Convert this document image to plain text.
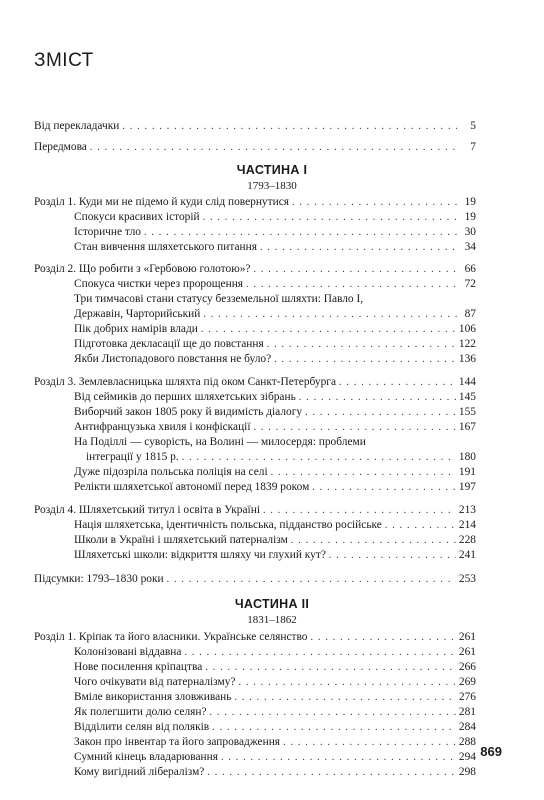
ЗМІСТ
Від перекладачки . . .	5
Передмова . . .	7
ЧАСТИНА І
1793–1830
Розділ 1. Куди ми не підемо й куди слід повернутися . . .	19
Спокуси красивих історій . . .	19
Історичне тло . . .	30
Стан вивчення шляхетського питання . . .	34
Розділ 2. Що робити з «Гербовою голотою»? . . .	66
Спокуса чистки через пророщення . . .	72
Три тимчасові стани статусу безземельної шляхти: Павло І,
Державін, Чарторийський . . .	87
Пік добрих намірів влади . . .	106
Підготовка декласації ще до повстання . . .	122
Якби Листопадового повстання не було? . . .	136
Розділ 3. Землевласницька шляхта під оком Санкт-Петербурга . . .	144
Від сеймиків до перших шляхетських зібрань . . .	145
Виборчий закон 1805 року й видимість діалогу . . .	155
Антифранцузька хвиля і конфіскації . . .	167
На Поділлі — суворість, на Волині — милосердя: проблеми
інтеграції у 1815 р. . . .	180
Дуже підозріла польська поліція на селі . . .	191
Релікти шляхетської автономії перед 1839 роком . . .	197
Розділ 4. Шляхетський титул і освіта в Україні . . .	213
Нація шляхетська, ідентичність польська, підданство російське . . .	214
Школи в Україні і шляхетський патерналізм . . .	228
Шляхетські школи: відкриття шляху чи глухий кут? . . .	241
Підсумки: 1793–1830 роки . . .	253
ЧАСТИНА ІІ
1831–1862
Розділ 1. Кріпак та його власники. Українське селянство . . .	261
Колонізовані віддавна . . .	261
Нове посилення кріпацтва . . .	266
Чого очікувати від патерналізму? . . .	269
Вміле використання зловживань . . .	276
Як полегшити долю селян? . . .	281
Відділити селян від поляків . . .	284
Закон про інвентар та його запровадження . . .	288
Сумний кінець владарювання . . .	294
Кому вигідний лібералізм? . . .	298
869
